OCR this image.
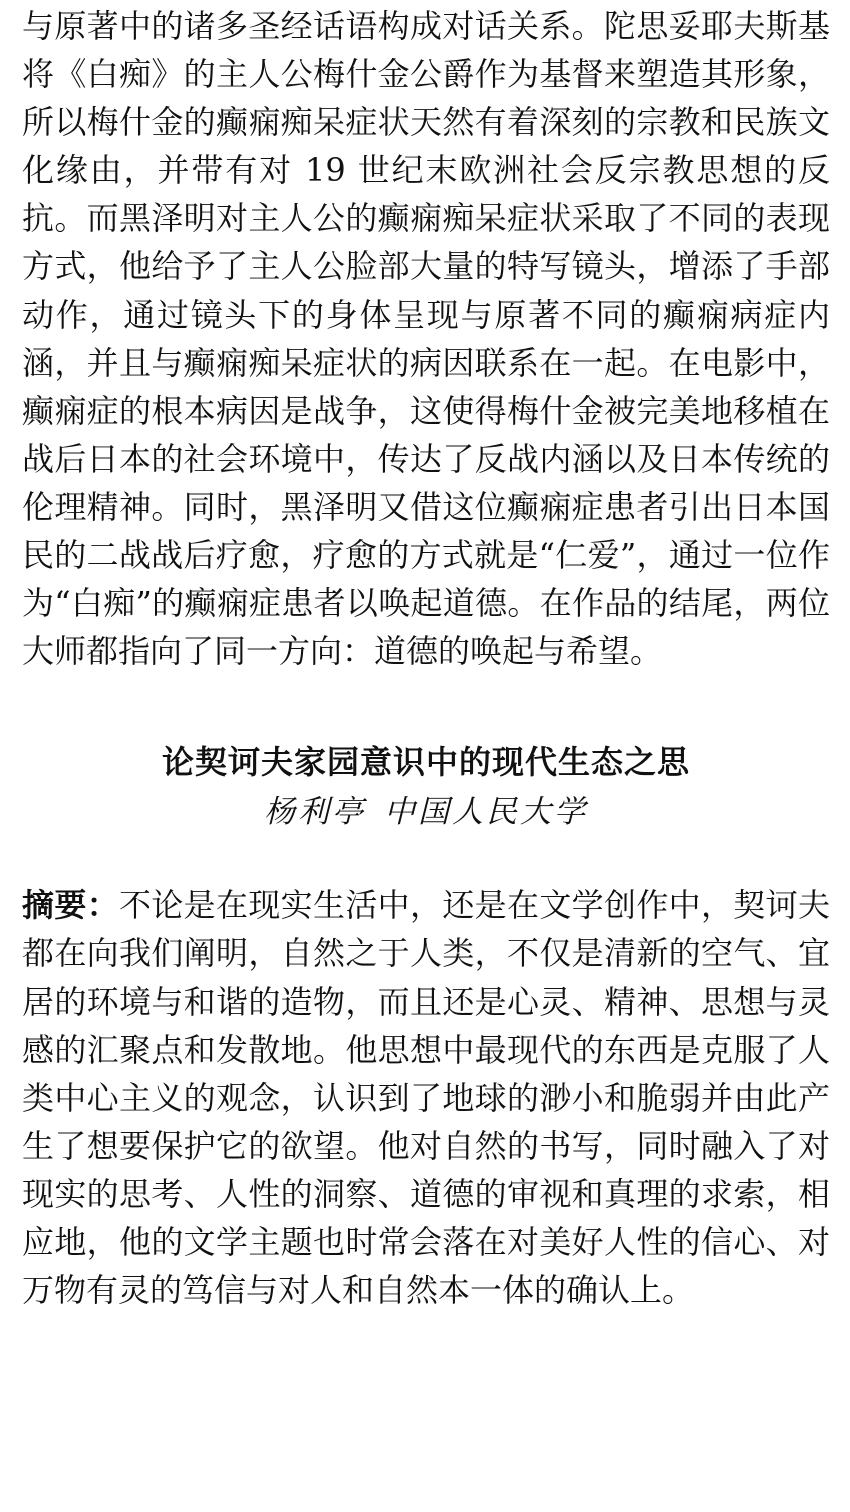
与原著中的诸多圣经话语构成对话关系。陀思妥耶夫斯基将《白痴》的主人公梅什金公爵作为基督来塑造其形象，所以梅什金的癫痫痴呆症状天然有着深刻的宗教和民族文化缘由，并带有对 19 世纪末欧洲社会反宗教思想的反抗。而黑泽明对主人公的癫痫痴呆症状采取了不同的表现方式，他给予了主人公脸部大量的特写镜头，增添了手部动作，通过镜头下的身体呈现与原著不同的癫痫病症内涵，并且与癫痫痴呆症状的病因联系在一起。在电影中，癫痫症的根本病因是战争，这使得梅什金被完美地移植在战后日本的社会环境中，传达了反战内涵以及日本传统的伦理精神。同时，黑泽明又借这位癫痫症患者引出日本国民的二战战后疗愈，疗愈的方式就是“仁爱”，通过一位作为“白痴”的癫痫症患者以唤起道德。在作品的结尾，两位大师都指向了同一方向：道德的唤起与希望。

论契诃夫家园意识中的现代生态之思

杨利亭 中国人民大学

摘要：不论是在现实生活中，还是在文学创作中，契诃夫都在向我们阐明，自然之于人类，不仅是清新的空气、宜居的环境与和谐的造物，而且还是心灵、精神、思想与灵感的汇聚点和发散地。他思想中最现代的东西是克服了人类中心主义的观念，认识到了地球的渺小和脆弱并由此产生了想要保护它的欲望。他对自然的书写，同时融入了对现实的思考、人性的洞察、道德的审视和真理的求索，相应地，他的文学主题也时常会落在对美好人性的信心、对万物有灵的笃信与对人和自然本一体的确认上。
